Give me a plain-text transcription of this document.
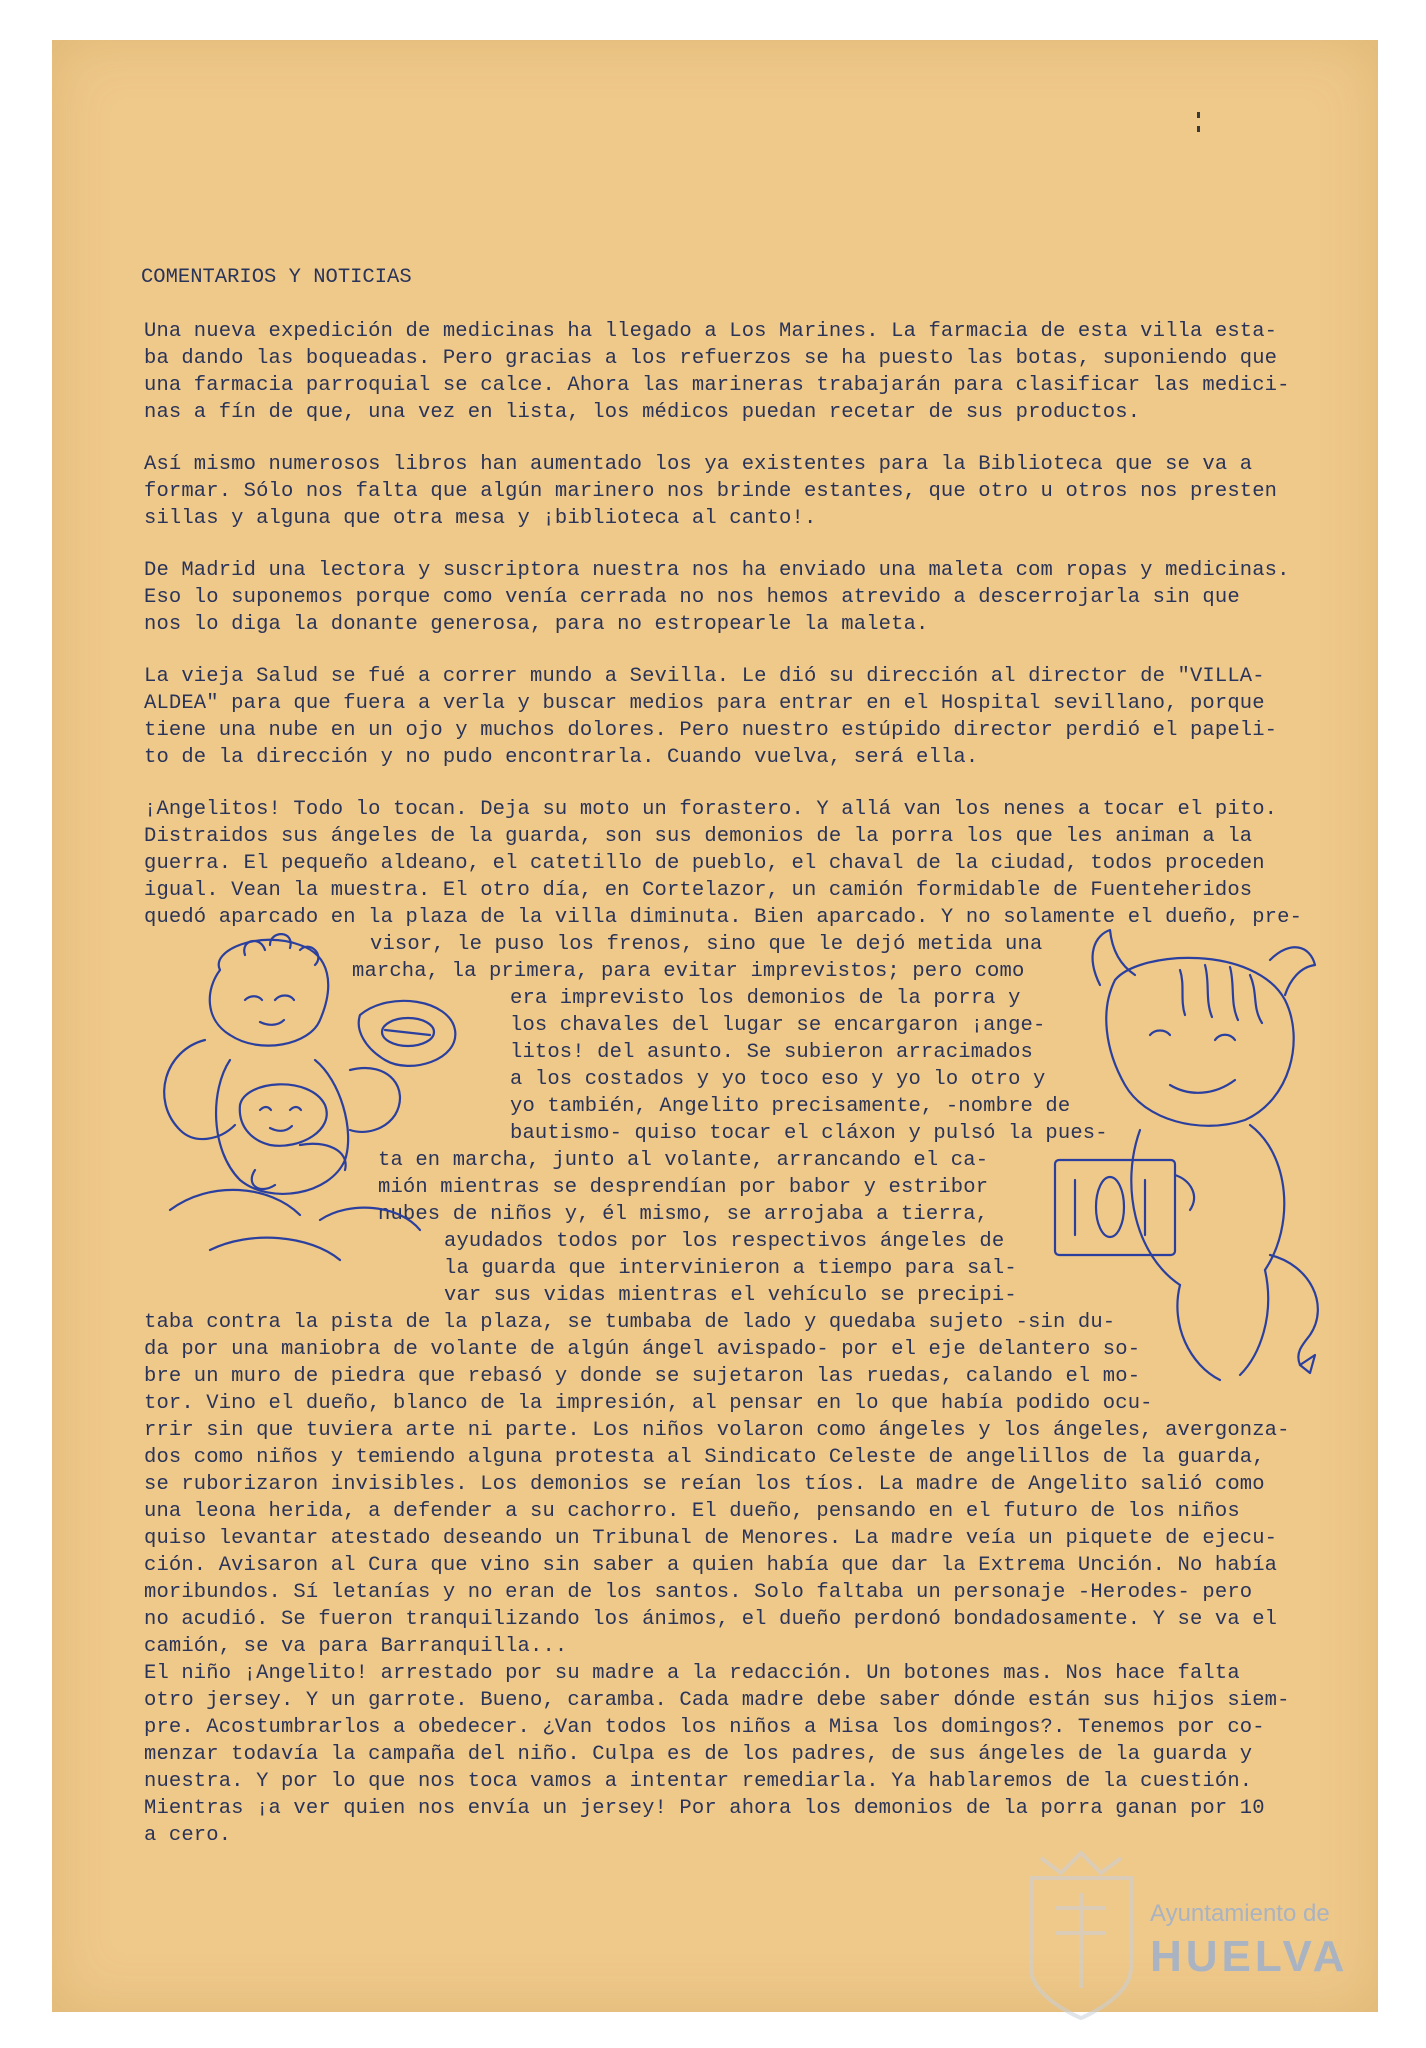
COMENTARIOS Y NOTICIAS
Una nueva expedición de medicinas ha llegado a Los Marines. La farmacia de esta villa esta-
ba dando las boqueadas. Pero gracias a los refuerzos se ha puesto las botas, suponiendo que
una farmacia parroquial se calce. Ahora las marineras trabajarán para clasificar las medici-
nas a fín de que, una vez en lista, los médicos puedan recetar de sus productos.
Así mismo numerosos libros han aumentado los ya existentes para la Biblioteca que se va a
formar. Sólo nos falta que algún marinero nos brinde estantes, que otro u otros nos presten
sillas y alguna que otra mesa y ¡biblioteca al canto!.
De Madrid una lectora y suscriptora nuestra nos ha enviado una maleta com ropas y medicinas.
Eso lo suponemos porque como venía cerrada no nos hemos atrevido a descerrojarla sin que
nos lo diga la donante generosa, para no estropearle la maleta.
La vieja Salud se fué a correr mundo a Sevilla. Le dió su dirección al director de "VILLA-
ALDEA" para que fuera a verla y buscar medios para entrar en el Hospital sevillano, porque
tiene una nube en un ojo y muchos dolores. Pero nuestro estúpido director perdió el papeli-
to de la dirección y no pudo encontrarla. Cuando vuelva, será ella.
¡Angelitos! Todo lo tocan. Deja su moto un forastero. Y allá van los nenes a tocar el pito.
Distraidos sus ángeles de la guarda, son sus demonios de la porra los que les animan a la
guerra. El pequeño aldeano, el catetillo de pueblo, el chaval de la ciudad, todos proceden
igual. Vean la muestra. El otro día, en Cortelazor, un camión formidable de Fuenteheridos
quedó aparcado en la plaza de la villa diminuta. Bien aparcado. Y no solamente el dueño, pre-
visor, le puso los frenos, sino que le dejó metida una
marcha, la primera, para evitar imprevistos; pero como
era imprevisto los demonios de la porra y
los chavales del lugar se encargaron ¡ange-
litos! del asunto. Se subieron arracimados
a los costados y yo toco eso y yo lo otro y
yo también, Angelito precisamente, -nombre de
bautismo- quiso tocar el cláxon y pulsó la pues-
ta en marcha, junto al volante, arrancando el ca-
mión mientras se desprendían por babor y estribor
nubes de niños y, él mismo, se arrojaba a tierra,
ayudados todos por los respectivos ángeles de
la guarda que intervinieron a tiempo para sal-
var sus vidas mientras el vehículo se precipi-
taba contra la pista de la plaza, se tumbaba de lado y quedaba sujeto -sin du-
da por una maniobra de volante de algún ángel avispado- por el eje delantero so-
bre un muro de piedra que rebasó y donde se sujetaron las ruedas, calando el mo-
tor. Vino el dueño, blanco de la impresión, al pensar en lo que había podido ocu-
rrir sin que tuviera arte ni parte. Los niños volaron como ángeles y los ángeles, avergonza-
dos como niños y temiendo alguna protesta al Sindicato Celeste de angelillos de la guarda,
se ruborizaron invisibles. Los demonios se reían los tíos. La madre de Angelito salió como
una leona herida, a defender a su cachorro. El dueño, pensando en el futuro de los niños
quiso levantar atestado deseando un Tribunal de Menores. La madre veía un piquete de ejecu-
ción. Avisaron al Cura que vino sin saber a quien había que dar la Extrema Unción. No había
moribundos. Sí letanías y no eran de los santos. Solo faltaba un personaje -Herodes- pero
no acudió. Se fueron tranquilizando los ánimos, el dueño perdonó bondadosamente. Y se va el
camión, se va para Barranquilla...
El niño ¡Angelito! arrestado por su madre a la redacción. Un botones mas. Nos hace falta
otro jersey. Y un garrote. Bueno, caramba. Cada madre debe saber dónde están sus hijos siem-
pre. Acostumbrarlos a obedecer. ¿Van todos los niños a Misa los domingos?. Tenemos por co-
menzar todavía la campaña del niño. Culpa es de los padres, de sus ángeles de la guarda y
nuestra. Y por lo que nos toca vamos a intentar remediarla. Ya hablaremos de la cuestión.
Mientras ¡a ver quien nos envía un jersey! Por ahora los demonios de la porra ganan por 10
a cero.
Ayuntamiento de
HUELVA
